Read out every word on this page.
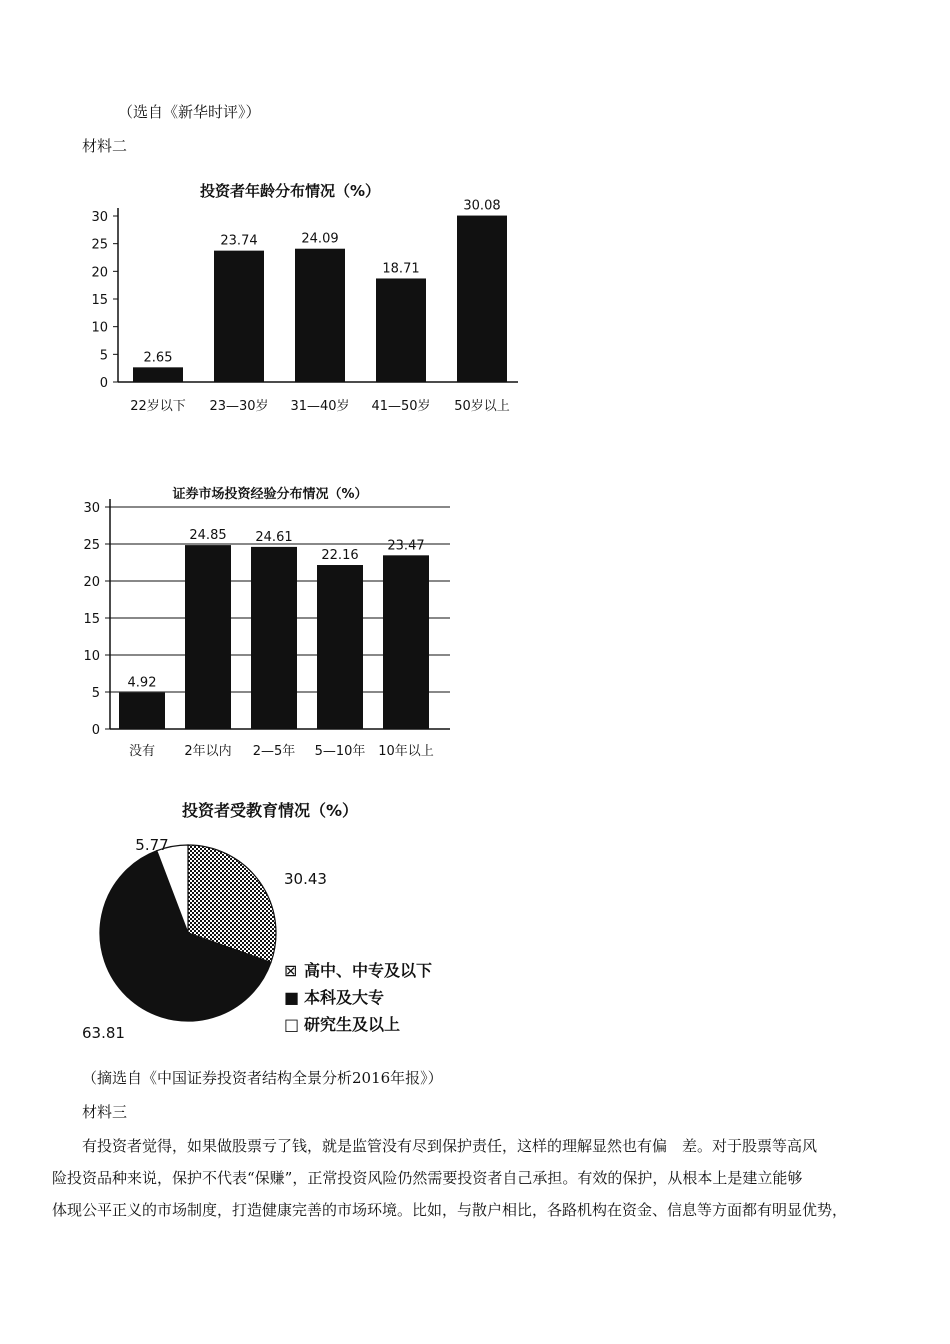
（选自《新华时评》）
材料二
投资者年龄分布情况（%）
0
5
10
15
20
25
30
2.65
23.74	24.09
18.71
30.08
22岁以下 23—30岁 31—40岁 41—50岁 50岁以上
证券市场投资经验分布情况（%）
0
5
10
15
20
25
30
4.92
24.85 24.61
22.16
23.47
没有 2年以内 2—5年 5—10年 10年以上
投资者受教育情况（%）
30.43
63.81
5.77
⊠ 高中、中专及以下
■ 本科及大专
□ 研究生及以上
（摘选自《中国证券投资者结构全景分析2016年报》）
材料三
有投资者觉得，如果做股票亏了钱，就是监管没有尽到保护责任，这样的理解显然也有偏　差。对于股票等高风
险投资品种来说，保护不代表“保赚”，正常投资风险仍然需要投资者自己承担。有效的保护，从根本上是建立能够
体现公平正义的市场制度，打造健康完善的市场环境。比如，与散户相比，各路机构在资金、信息等方面都有明显优势，
